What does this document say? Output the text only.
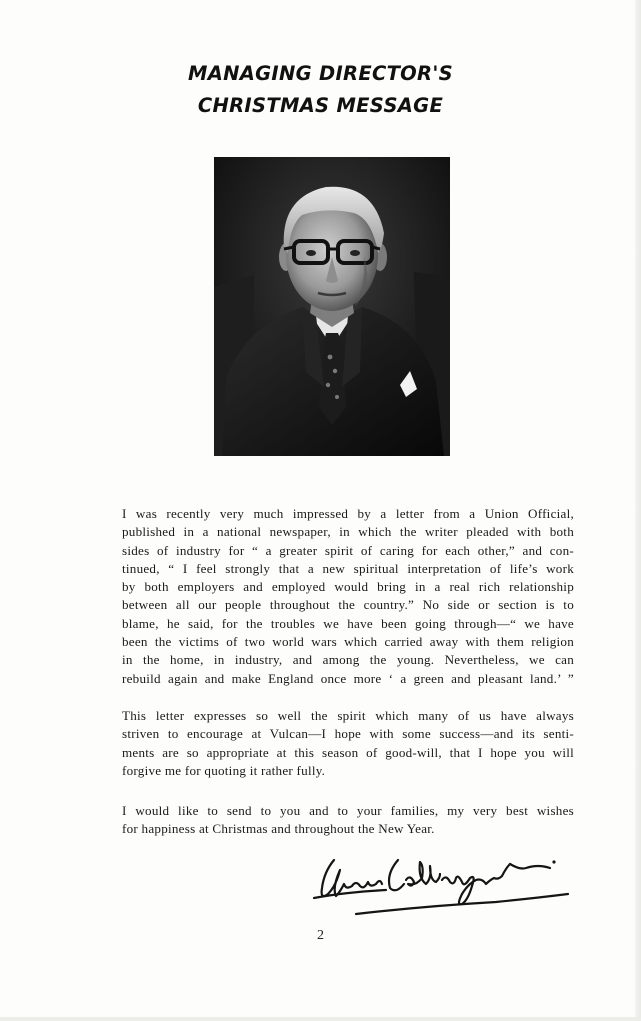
MANAGING DIRECTOR'S
CHRISTMAS MESSAGE
I was recently very much impressed by a letter from a Union Official,
published in a national newspaper, in which the writer pleaded with both
sides of industry for “ a greater spirit of caring for each other,” and con-
tinued, “ I feel strongly that a new spiritual interpretation of life’s work
by both employers and employed would bring in a real rich relationship
between all our people throughout the country.” No side or section is to
blame, he said, for the troubles we have been going through—“ we have
been the victims of two world wars which carried away with them religion
in the home, in industry, and among the young. Nevertheless, we can
rebuild again and make England once more ‘ a green and pleasant land.’ ”
This letter expresses so well the spirit which many of us have always
striven to encourage at Vulcan—I hope with some success—and its senti-
ments are so appropriate at this season of good-will, that I hope you will
forgive me for quoting it rather fully.
I would like to send to you and to your families, my very best wishes
for happiness at Christmas and throughout the New Year.
2
